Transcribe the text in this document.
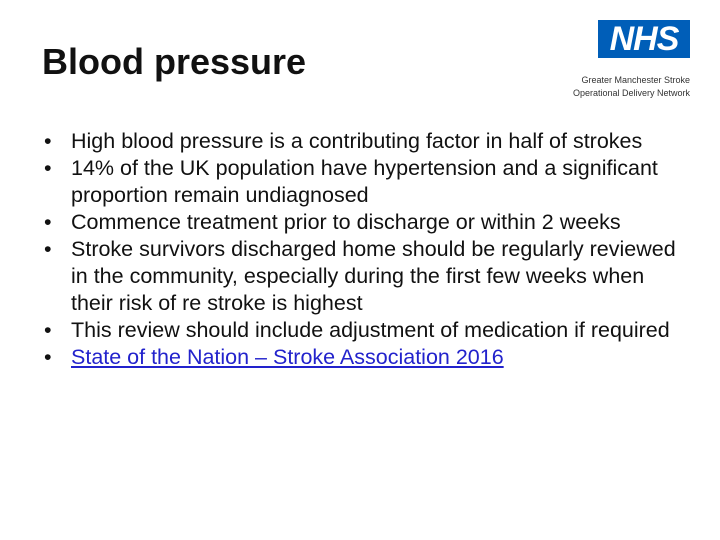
Blood pressure
NHS
Greater Manchester Stroke
Operational Delivery Network
• High blood pressure is a contributing factor in half of strokes
• 14% of the UK population have hypertension and a significant proportion remain undiagnosed
• Commence treatment prior to discharge or within 2 weeks
• Stroke survivors discharged home should be regularly reviewed in the community, especially during the first few weeks when their risk of re stroke is highest
• This review should include adjustment of medication if required
• State of the Nation – Stroke Association 2016
